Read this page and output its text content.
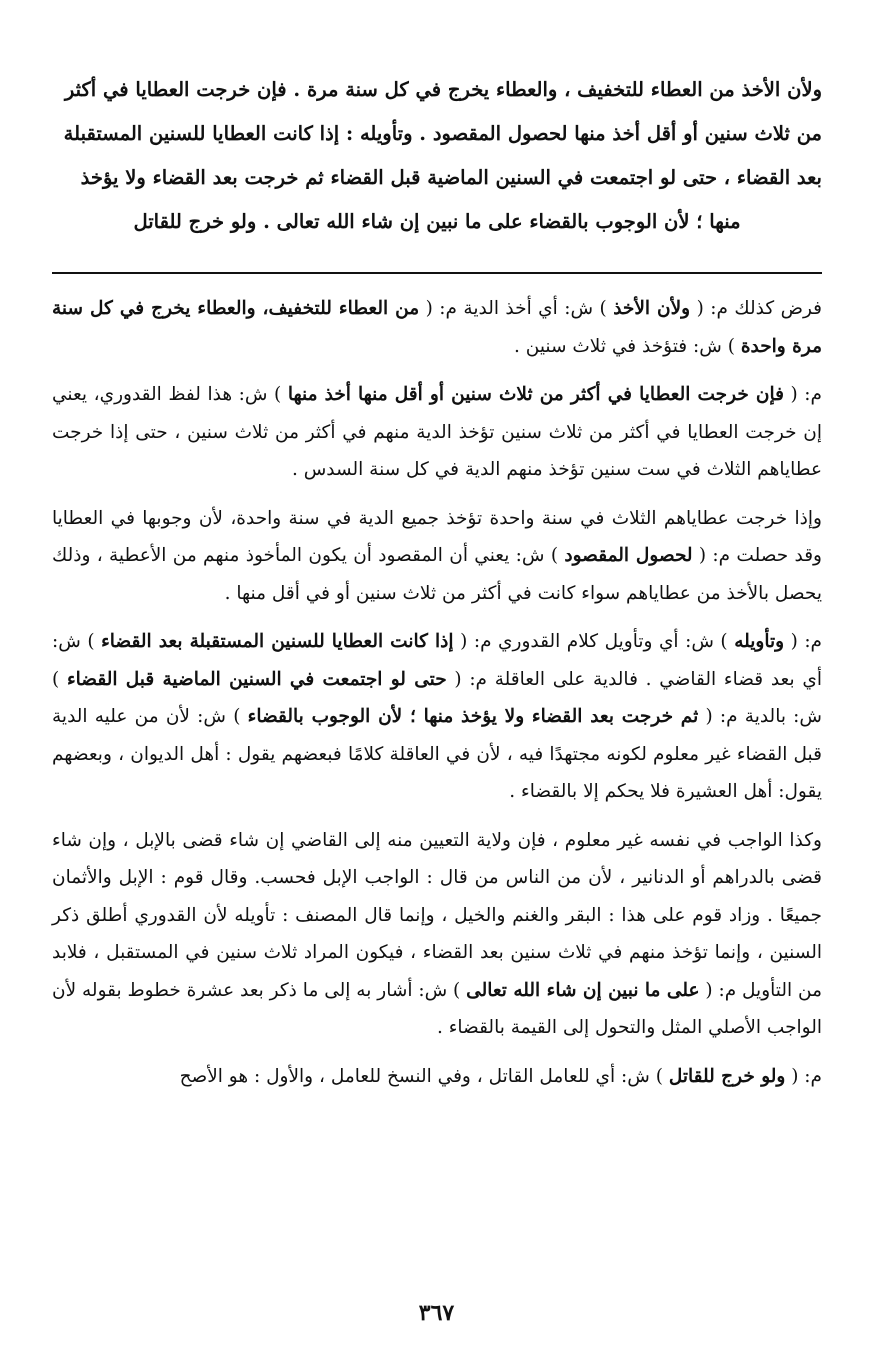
ولأن الأخذ من العطاء للتخفيف ، والعطاء يخرج في كل سنة مرة . فإن خرجت العطايا في أكثر

من ثلاث سنين أو أقل أخذ منها لحصول المقصود . وتأويله : إذا كانت العطايا للسنين المستقبلة

بعد القضاء ، حتى لو اجتمعت في السنين الماضية قبل القضاء ثم خرجت بعد القضاء ولا يؤخذ

منها ؛ لأن الوجوب بالقضاء على ما نبين إن شاء الله تعالى . ولو خرج للقاتل

فرض كذلك م: ( ولأن الأخذ ) ش: أي أخذ الدية م: ( من العطاء للتخفيف، والعطاء يخرج في كل سنة مرة واحدة ) ش: فتؤخذ في ثلاث سنين .

م: ( فإن خرجت العطايا في أكثر من ثلاث سنين أو أقل منها أخذ منها ) ش: هذا لفظ القدوري، يعني إن خرجت العطايا في أكثر من ثلاث سنين تؤخذ الدية منهم في أكثر من ثلاث سنين ، حتى إذا خرجت عطاياهم الثلاث في ست سنين تؤخذ منهم الدية في كل سنة السدس .

وإذا خرجت عطاياهم الثلاث في سنة واحدة تؤخذ جميع الدية في سنة واحدة، لأن وجوبها في العطايا وقد حصلت م: ( لحصول المقصود ) ش: يعني أن المقصود أن يكون المأخوذ منهم من الأعطية ، وذلك يحصل بالأخذ من عطاياهم سواء كانت في أكثر من ثلاث سنين أو في أقل منها .

م: ( وتأويله ) ش: أي وتأويل كلام القدوري م: ( إذا كانت العطايا للسنين المستقبلة بعد القضاء ) ش: أي بعد قضاء القاضي . فالدية على العاقلة م: ( حتى لو اجتمعت في السنين الماضية قبل القضاء ) ش: بالدية م: ( ثم خرجت بعد القضاء ولا يؤخذ منها ؛ لأن الوجوب بالقضاء ) ش: لأن من عليه الدية قبل القضاء غير معلوم لكونه مجتهدًا فيه ، لأن في العاقلة كلامًا فبعضهم يقول : أهل الديوان ، وبعضهم يقول: أهل العشيرة فلا يحكم إلا بالقضاء .

وكذا الواجب في نفسه غير معلوم ، فإن ولاية التعيين منه إلى القاضي إن شاء قضى بالإبل ، وإن شاء قضى بالدراهم أو الدنانير ، لأن من الناس من قال : الواجب الإبل فحسب. وقال قوم : الإبل والأثمان جميعًا . وزاد قوم على هذا : البقر والغنم والخيل ، وإنما قال المصنف : تأويله لأن القدوري أطلق ذكر السنين ، وإنما تؤخذ منهم في ثلاث سنين بعد القضاء ، فيكون المراد ثلاث سنين في المستقبل ، فلابد من التأويل م: ( على ما نبين إن شاء الله تعالى ) ش: أشار به إلى ما ذكر بعد عشرة خطوط بقوله لأن الواجب الأصلي المثل والتحول إلى القيمة بالقضاء .

م: ( ولو خرج للقاتل ) ش: أي للعامل القاتل ، وفي النسخ للعامل ، والأول : هو الأصح

٣٦٧
